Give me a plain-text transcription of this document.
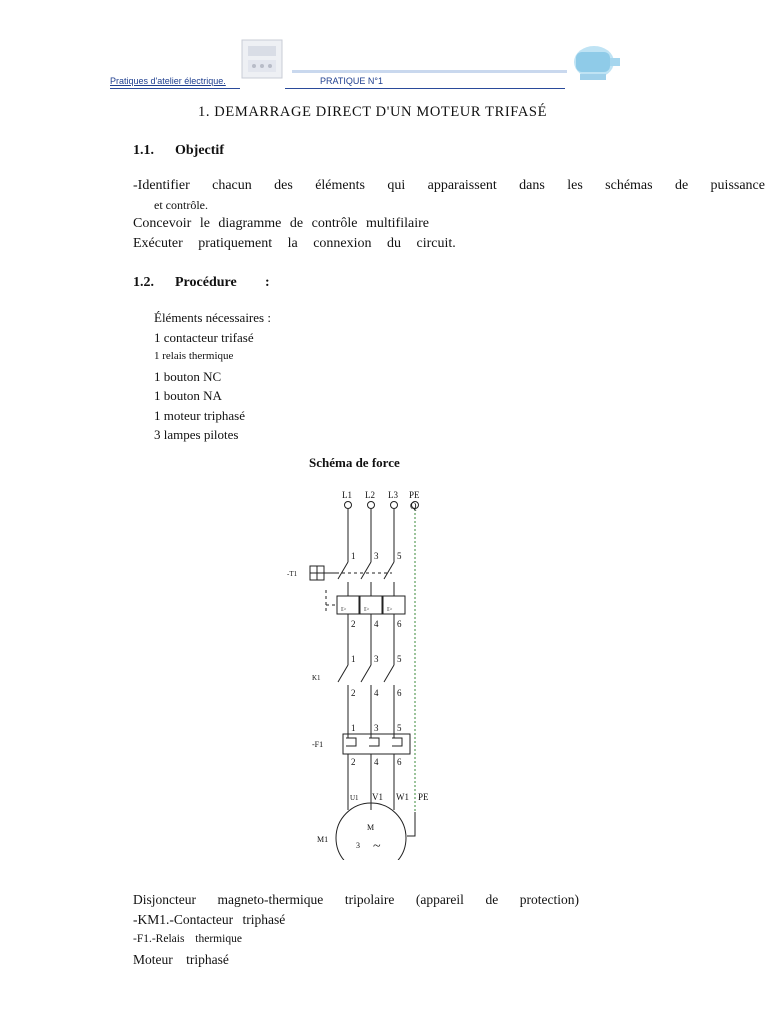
Pratiques d'atelier électrique.	PRATIQUE N°1
1. DEMARRAGE DIRECT D'UN MOTEUR TRIFASÉ
1.1. Objectif
-Identifier chacun des éléments qui apparaissent dans les schémas de puissance
et contrôle.
Concevoir le diagramme de contrôle multifilaire
Exécuter pratiquement la connexion du circuit.
1.2. Procédure :
Éléments nécessaires :
1 contacteur trifasé
1 relais thermique
1 bouton NC
1 bouton NA
1 moteur triphasé
3 lampes pilotes
Schéma de force
I>	I>	I>
L1 L2 L3 PE
Q
-T1
K1
-F1
M1
1 3 5
2 4 6
1 3 5
2 4 6
1 3 5
2 4 6
U1 V1 W1 PE
M
3 ~
Disjoncteur magneto-thermique tripolaire (appareil de protection)
-KM1.-Contacteur triphasé
-F1.-Relais thermique
Moteur triphasé
